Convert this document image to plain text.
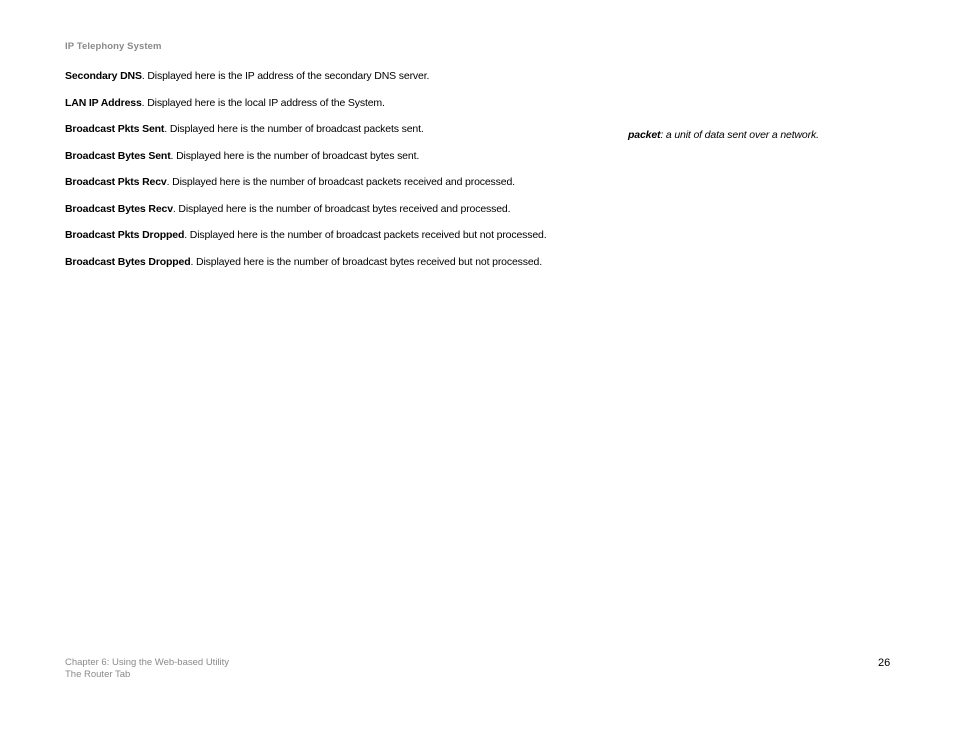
IP Telephony System
Secondary DNS. Displayed here is the IP address of the secondary DNS server.
LAN IP Address. Displayed here is the local IP address of the System.
Broadcast Pkts Sent. Displayed here is the number of broadcast packets sent.
Broadcast Bytes Sent. Displayed here is the number of broadcast bytes sent.
Broadcast Pkts Recv. Displayed here is the number of broadcast packets received and processed.
Broadcast Bytes Recv. Displayed here is the number of broadcast bytes received and processed.
Broadcast Pkts Dropped. Displayed here is the number of broadcast packets received but not processed.
Broadcast Bytes Dropped. Displayed here is the number of broadcast bytes received but not processed.
packet: a unit of data sent over a network.
Chapter 6: Using the Web-based Utility
The Router Tab
26
